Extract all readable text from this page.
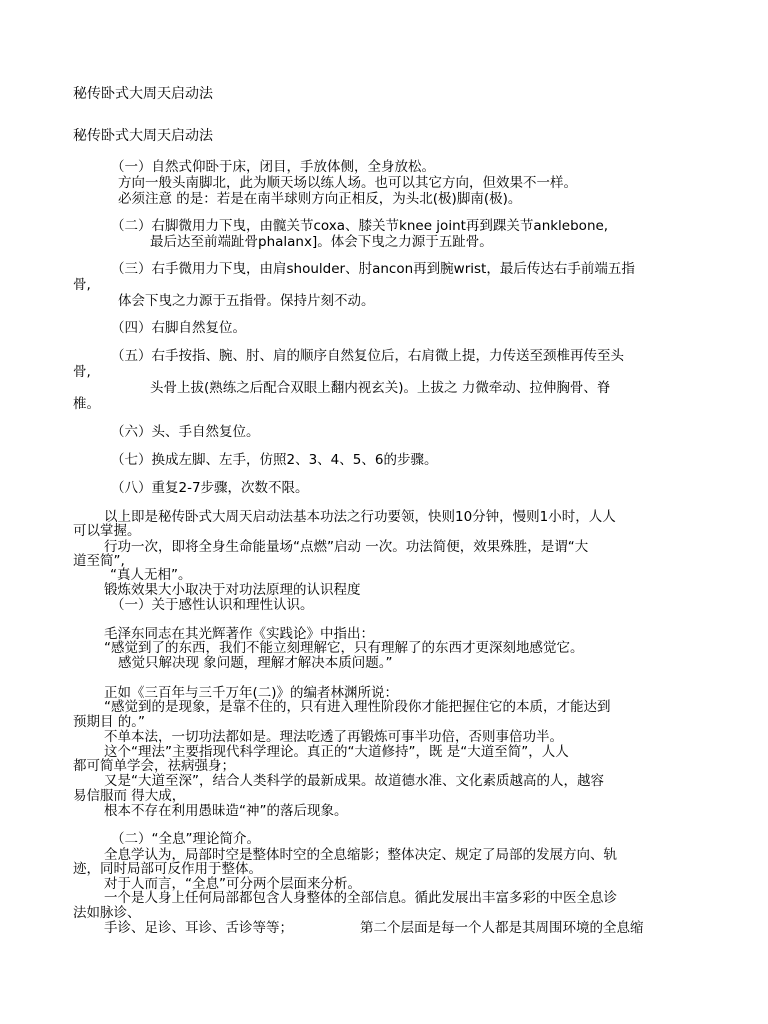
秘传卧式大周天启动法
秘传卧式大周天启动法
（一）自然式仰卧于床，闭目，手放体侧，全身放松。
方向一般头南脚北，此为顺天场以练人场。也可以其它方向，但效果不一样。
必须注意 的是：若是在南半球则方向正相反，为头北(极)脚南(极)。
（二）右脚微用力下曳，由髋关节coxa、膝关节knee joint再到踝关节anklebone,
最后达至前端趾骨phalanx]。体会下曳之力源于五趾骨。
（三）右手微用力下曳，由肩shoulder、肘ancon再到腕wrist，最后传达右手前端五指
骨,
体会下曳之力源于五指骨。保持片刻不动。
（四）右脚自然复位。
（五）右手按指、腕、肘、肩的顺序自然复位后，右肩微上提，力传送至颈椎再传至头
骨,
头骨上拔(熟练之后配合双眼上翻内视玄关)。上拔之 力微牵动、拉伸胸骨、脊
椎。
（六）头、手自然复位。
（七）换成左脚、左手，仿照2、3、4、5、6的步骤。
（八）重复2-7步骤，次数不限。
以上即是秘传卧式大周天启动法基本功法之行功要领，快则10分钟，慢则1小时，人人
可以掌握。
行功一次，即将全身生命能量场“点燃”启动 一次。功法简便，效果殊胜，是谓“大
道至简”,
“真人无相”。
锻炼效果大小取决于对功法原理的认识程度
（一）关于感性认识和理性认识。
毛泽东同志在其光辉著作《实践论》中指出：
“感觉到了的东西，我们不能立刻理解它，只有理解了的东西才更深刻地感觉它。
感觉只解决现 象问题，理解才解决本质问题。”
正如《三百年与三千万年(二)》的编者林渊所说：
“感觉到的是现象，是靠不住的，只有进入理性阶段你才能把握住它的本质，才能达到
预期目 的。”
不单本法，一切功法都如是。理法吃透了再锻炼可事半功倍，否则事倍功半。
这个“理法”主要指现代科学理论。真正的“大道修持”，既 是“大道至简”，人人
都可简单学会，祛病强身；
又是“大道至深”，结合人类科学的最新成果。故道德水准、文化素质越高的人，越容
易信服而 得大成，
根本不存在利用愚昧造“神”的落后现象。
（二）“全息”理论简介。
全息学认为，局部时空是整体时空的全息缩影；整体决定、规定了局部的发展方向、轨
迹，同时局部可反作用于整体。
对于人而言，“全息”可分两个层面来分析。
一个是人身上任何局部都包含人身整体的全部信息。循此发展出丰富多彩的中医全息诊
法如脉诊、
手诊、足诊、耳诊、舌诊等等；	第二个层面是每一个人都是其周围环境的全息缩
